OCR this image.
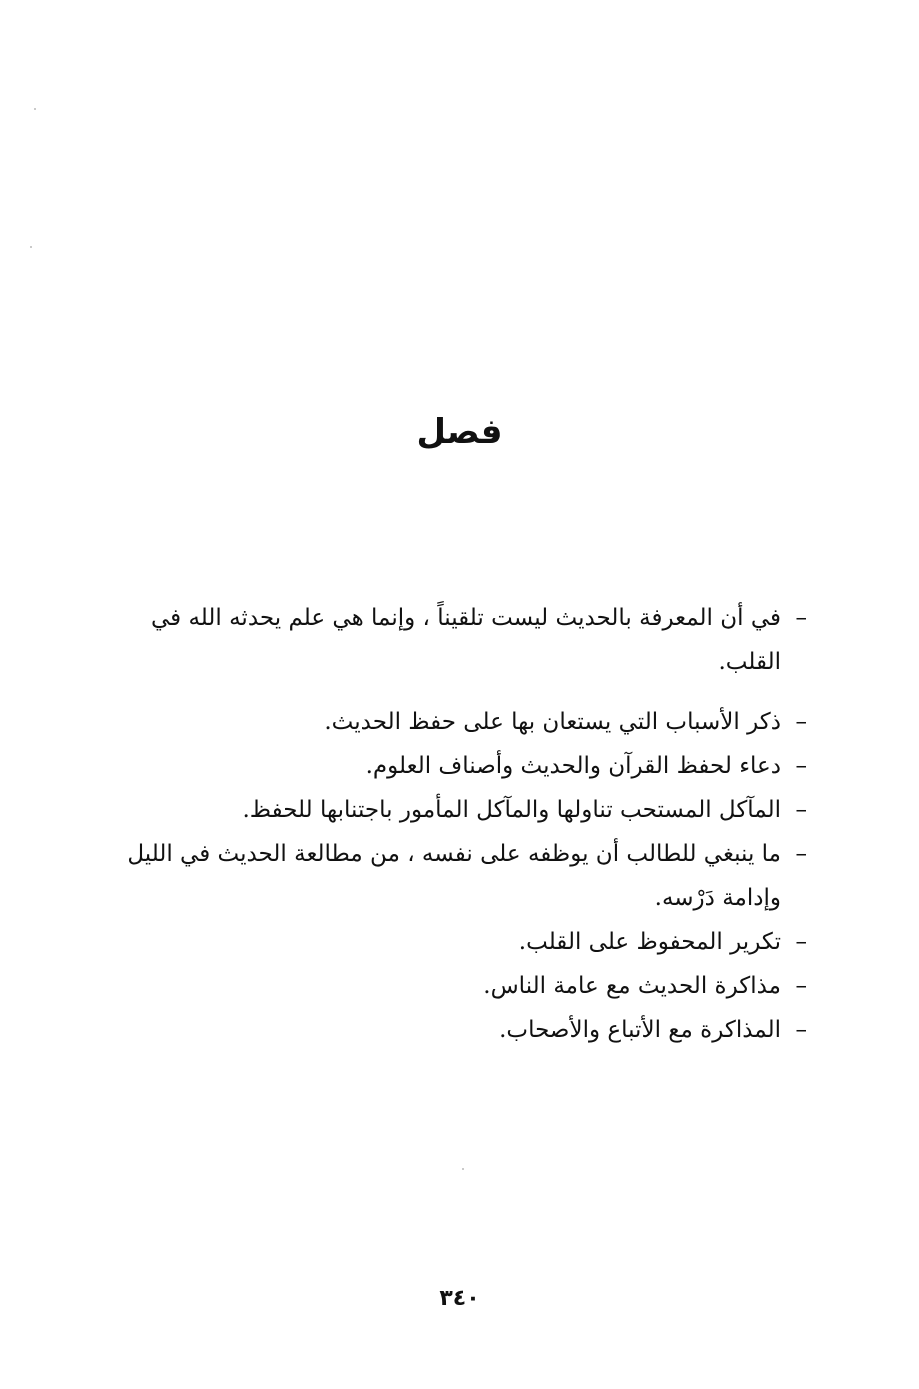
فصل
–
في أن المعرفة بالحديث ليست تلقيناً ، وإنما هي علم يحدثه الله في القلب.
–
ذكر الأسباب التي يستعان بها على حفظ الحديث.
–
دعاء لحفظ القرآن والحديث وأصناف العلوم.
–
المآكل المستحب تناولها والمآكل المأمور باجتنابها للحفظ.
–
ما ينبغي للطالب أن يوظفه على نفسه ، من مطالعة الحديث في الليل وإدامة دَرْسه.
–
تكرير المحفوظ على القلب.
–
مذاكرة الحديث مع عامة الناس.
–
المذاكرة مع الأتباع والأصحاب.
٣٤٠
